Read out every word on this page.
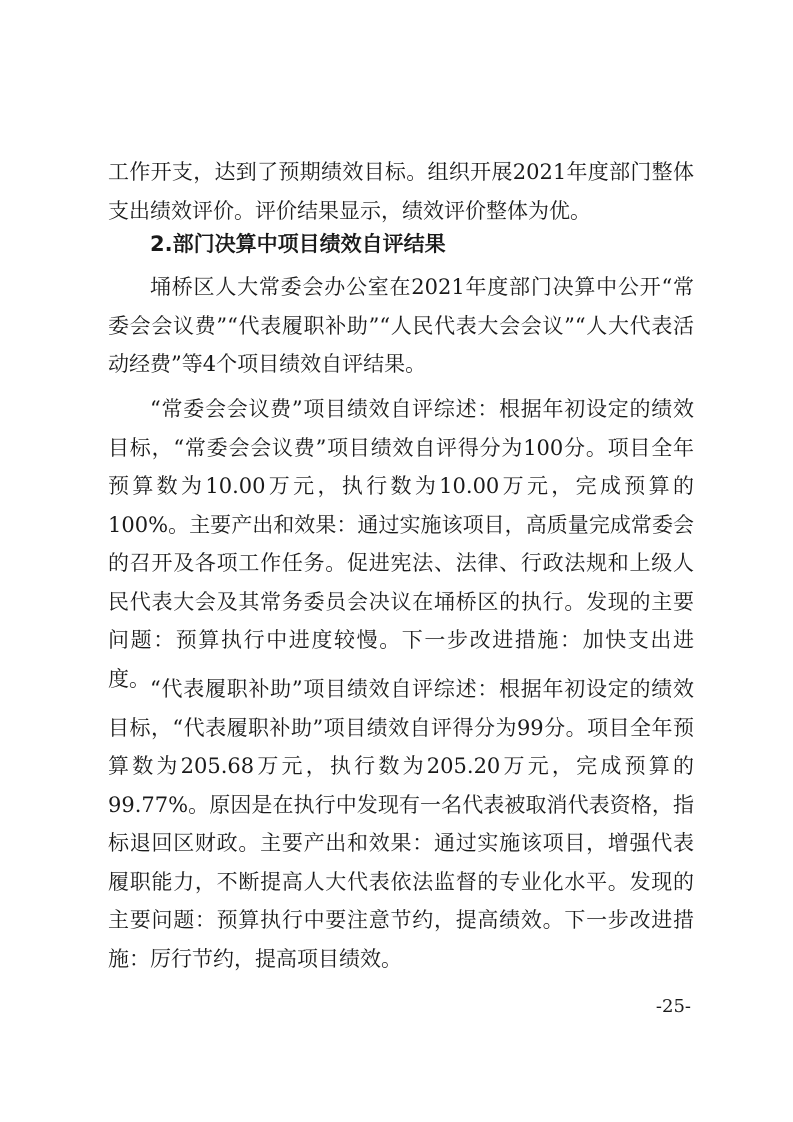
工作开支，达到了预期绩效目标。组织开展2021年度部门整体支出绩效评价。评价结果显示，绩效评价整体为优。

2.部门决算中项目绩效自评结果

埇桥区人大常委会办公室在2021年度部门决算中公开“常委会会议费”“代表履职补助”“人民代表大会会议”“人大代表活动经费”等4个项目绩效自评结果。

“常委会会议费”项目绩效自评综述：根据年初设定的绩效目标，“常委会会议费”项目绩效自评得分为100分。项目全年预算数为10.00万元，执行数为10.00万元，完成预算的100%。主要产出和效果：通过实施该项目，高质量完成常委会的召开及各项工作任务。促进宪法、法律、行政法规和上级人民代表大会及其常务委员会决议在埇桥区的执行。发现的主要问题：预算执行中进度较慢。下一步改进措施：加快支出进度。 “代表履职补助”项目绩效自评综述：根据年初设定的绩效目标，“代表履职补助”项目绩效自评得分为99分。项目全年预算数为205.68万元，执行数为205.20万元，完成预算的99.77%。原因是在执行中发现有一名代表被取消代表资格，指标退回区财政。主要产出和效果：通过实施该项目，增强代表履职能力，不断提高人大代表依法监督的专业化水平。发现的主要问题：预算执行中要注意节约，提高绩效。下一步改进措施：厉行节约，提高项目绩效。

-25-
